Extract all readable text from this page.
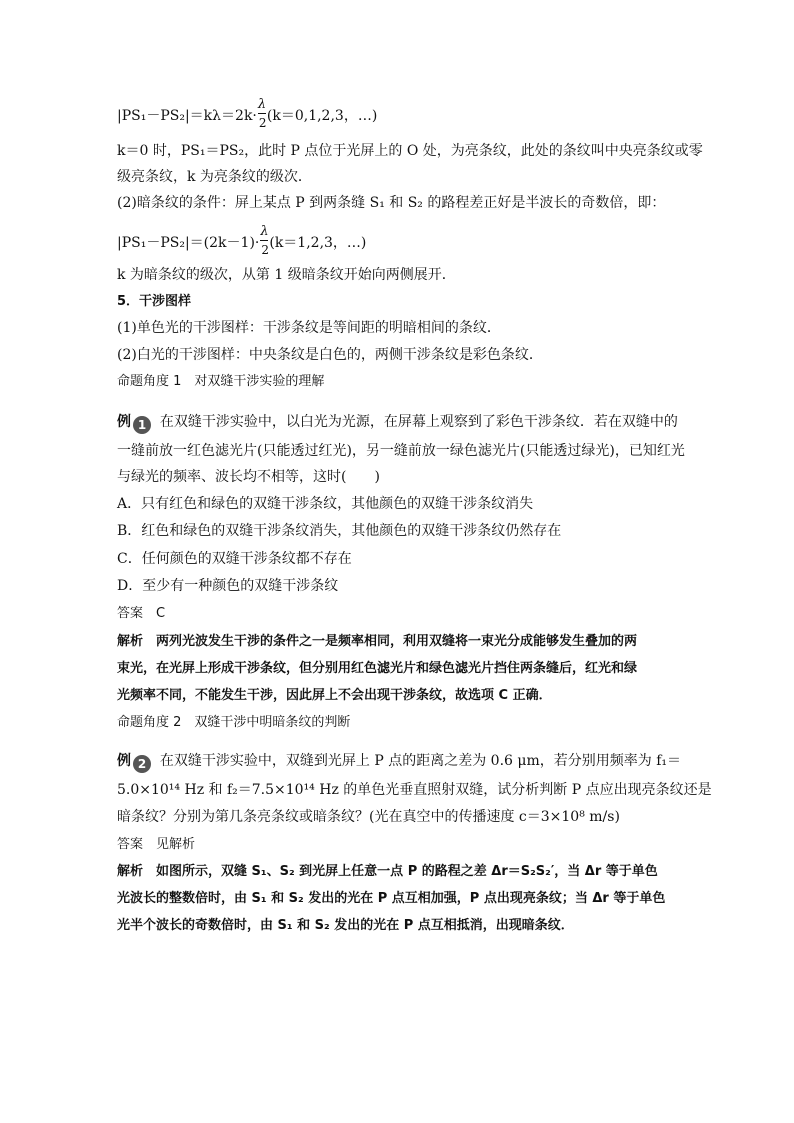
$|PS_1-PS_2|=k\lambda=2k\cdot \frac{\lambda}{2} (k=0,1,2,3$，…)
k＝0 时，PS₁＝PS₂，此时 P 点位于光屏上的 O 处，为亮条纹，此处的条纹叫中央亮条纹或零
级亮条纹，k 为亮条纹的级次．
(2)暗条纹的条件：屏上某点 P 到两条缝 S₁ 和 S₂ 的路程差正好是半波长的奇数倍，即：
$|PS_1-PS_2|=(2k-1)\cdot \frac{\lambda}{2} (k=1,2,3$，…)
k 为暗条纹的级次，从第 1 级暗条纹开始向两侧展开．
5．干涉图样
(1)单色光的干涉图样：干涉条纹是等间距的明暗相间的条纹．
(2)白光的干涉图样：中央条纹是白色的，两侧干涉条纹是彩色条纹．
命题角度 1　对双缝干涉实验的理解
例 1 在双缝干涉实验中，以白光为光源，在屏幕上观察到了彩色干涉条纹．若在双缝中的
一缝前放一红色滤光片(只能透过红光)，另一缝前放一绿色滤光片(只能透过绿光)，已知红光
与绿光的频率、波长均不相等，这时(　　)
A．只有红色和绿色的双缝干涉条纹，其他颜色的双缝干涉条纹消失
B．红色和绿色的双缝干涉条纹消失，其他颜色的双缝干涉条纹仍然存在
C．任何颜色的双缝干涉条纹都不存在
D．至少有一种颜色的双缝干涉条纹
答案　C
解析　两列光波发生干涉的条件之一是频率相同，利用双缝将一束光分成能够发生叠加的两
束光，在光屏上形成干涉条纹，但分别用红色滤光片和绿色滤光片挡住两条缝后，红光和绿
光频率不同，不能发生干涉，因此屏上不会出现干涉条纹，故选项 C 正确．
命题角度 2　双缝干涉中明暗条纹的判断
例 2 在双缝干涉实验中，双缝到光屏上 P 点的距离之差为 0.6 μm，若分别用频率为 f₁＝
5.0×10¹⁴ Hz 和 f₂＝7.5×10¹⁴ Hz 的单色光垂直照射双缝，试分析判断 P 点应出现亮条纹还是
暗条纹？分别为第几条亮条纹或暗条纹？(光在真空中的传播速度 c＝3×10⁸ m/s)
答案　见解析
解析　如图所示，双缝 S₁、S₂ 到光屏上任意一点 P 的路程之差 Δr＝S₂S₂′，当 Δr 等于单色
光波长的整数倍时，由 S₁ 和 S₂ 发出的光在 P 点互相加强，P 点出现亮条纹；当 Δr 等于单色
光半个波长的奇数倍时，由 S₁ 和 S₂ 发出的光在 P 点互相抵消，出现暗条纹．
